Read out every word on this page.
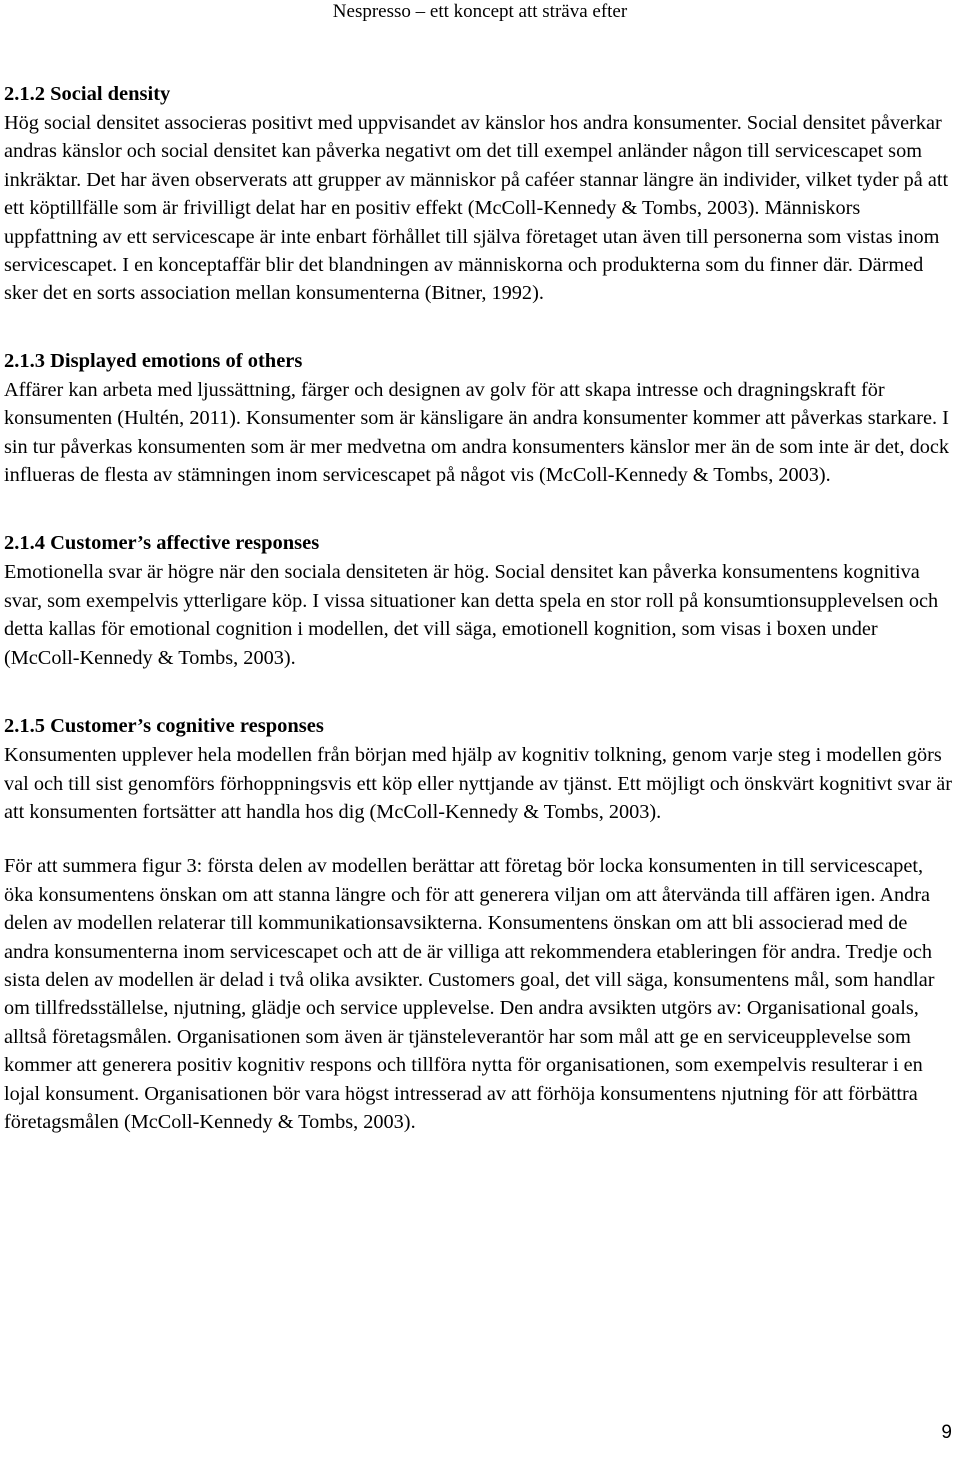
Nespresso – ett koncept att sträva efter
2.1.2 Social density

Hög social densitet associeras positivt med uppvisandet av känslor hos andra konsumenter. Social densitet påverkar andras känslor och social densitet kan påverka negativt om det till exempel anländer någon till servicescapet som inkräktar. Det har även observerats att grupper av människor på caféer stannar längre än individer, vilket tyder på att ett köptillfälle som är frivilligt delat har en positiv effekt (McColl-Kennedy & Tombs, 2003). Människors uppfattning av ett servicescape är inte enbart förhållet till själva företaget utan även till personerna som vistas inom servicescapet. I en konceptaffär blir det blandningen av människorna och produkterna som du finner där. Därmed sker det en sorts association mellan konsumenterna (Bitner, 1992).

2.1.3 Displayed emotions of others

Affärer kan arbeta med ljussättning, färger och designen av golv för att skapa intresse och dragningskraft för konsumenten (Hultén, 2011). Konsumenter som är känsligare än andra konsumenter kommer att påverkas starkare. I sin tur påverkas konsumenten som är mer medvetna om andra konsumenters känslor mer än de som inte är det, dock influeras de flesta av stämningen inom servicescapet på något vis (McColl-Kennedy & Tombs, 2003).

2.1.4 Customer’s affective responses

Emotionella svar är högre när den sociala densiteten är hög. Social densitet kan påverka konsumentens kognitiva svar, som exempelvis ytterligare köp. I vissa situationer kan detta spela en stor roll på konsumtionsupplevelsen och detta kallas för emotional cognition i modellen, det vill säga, emotionell kognition, som visas i boxen under (McColl-Kennedy & Tombs, 2003).

2.1.5 Customer’s cognitive responses

Konsumenten upplever hela modellen från början med hjälp av kognitiv tolkning, genom varje steg i modellen görs val och till sist genomförs förhoppningsvis ett köp eller nyttjande av tjänst. Ett möjligt och önskvärt kognitivt svar är att konsumenten fortsätter att handla hos dig (McColl-Kennedy & Tombs, 2003).

För att summera figur 3: första delen av modellen berättar att företag bör locka konsumenten in till servicescapet, öka konsumentens önskan om att stanna längre och för att generera viljan om att återvända till affären igen. Andra delen av modellen relaterar till kommunikationsavsikterna. Konsumentens önskan om att bli associerad med de andra konsumenterna inom servicescapet och att de är villiga att rekommendera etableringen för andra. Tredje och sista delen av modellen är delad i två olika avsikter. Customers goal, det vill säga, konsumentens mål, som handlar om tillfredsställelse, njutning, glädje och service upplevelse. Den andra avsikten utgörs av: Organisational goals, alltså företagsmålen. Organisationen som även är tjänsteleverantör har som mål att ge en serviceupplevelse som kommer att generera positiv kognitiv respons och tillföra nytta för organisationen, som exempelvis resulterar i en lojal konsument. Organisationen bör vara högst intresserad av att förhöja konsumentens njutning för att förbättra företagsmålen (McColl-Kennedy & Tombs, 2003).

9
